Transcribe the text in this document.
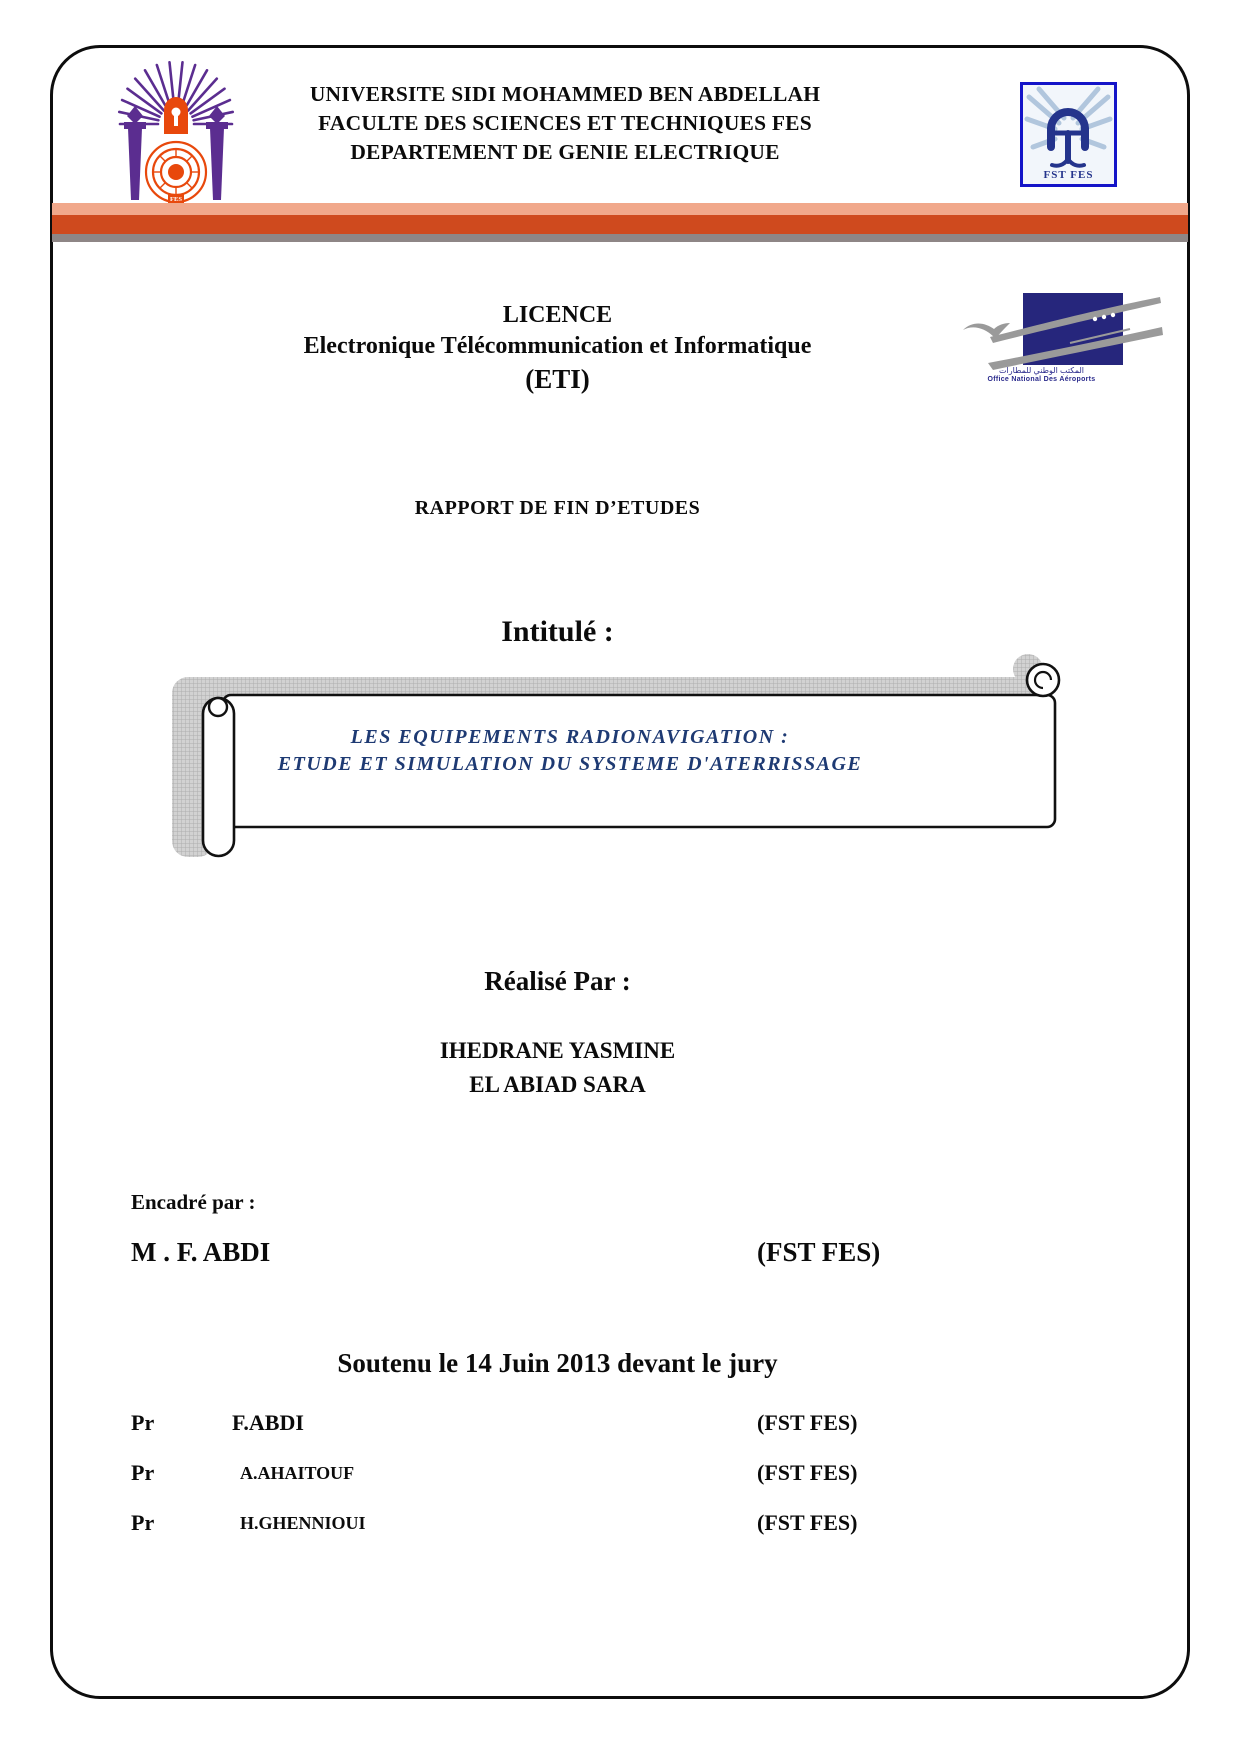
FES
UNIVERSITE SIDI MOHAMMED BEN ABDELLAH
FACULTE DES SCIENCES ET TECHNIQUES FES
DEPARTEMENT DE GENIE ELECTRIQUE
FST FES
المكتب الوطني للمطارات
Office National Des Aéroports
LICENCE
Electronique Télécommunication et Informatique
(ETI)
RAPPORT DE FIN D’ETUDES
Intitulé :
LES EQUIPEMENTS RADIONAVIGATION :
ETUDE ET SIMULATION DU SYSTEME D'ATERRISSAGE
Réalisé Par :
IHEDRANE YASMINE
EL ABIAD SARA
Encadré par :
M . F. ABDI	(FST FES)
Soutenu le 14 Juin 2013 devant le jury
Pr	F.ABDI	(FST FES)
Pr	A.AHAITOUF	(FST FES)
Pr	H.GHENNIOUI	(FST FES)
